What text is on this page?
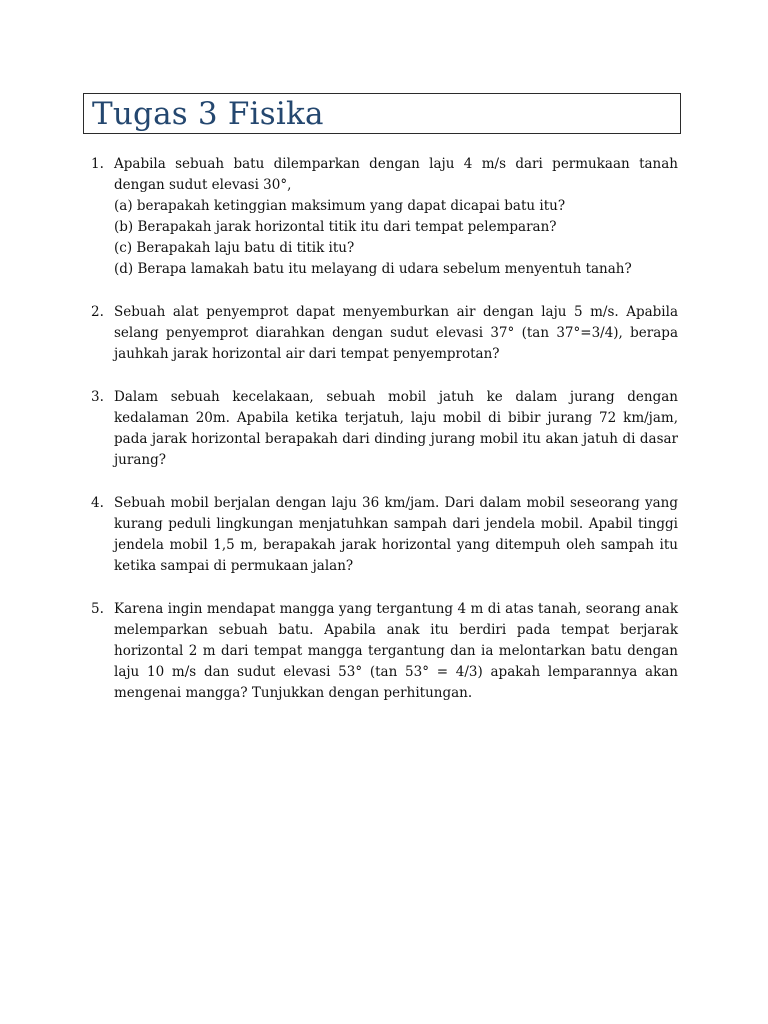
Tugas 3 Fisika
1. Apabila sebuah batu dilemparkan dengan laju 4 m/s dari permukaan tanah dengan sudut elevasi 30°,
(a) berapakah ketinggian maksimum yang dapat dicapai batu itu?
(b) Berapakah jarak horizontal titik itu dari tempat pelemparan?
(c) Berapakah laju batu di titik itu?
(d) Berapa lamakah batu itu melayang di udara sebelum menyentuh tanah?
2. Sebuah alat penyemprot dapat menyemburkan air dengan laju 5 m/s. Apabila selang penyemprot diarahkan dengan sudut elevasi 37° (tan 37°=3/4), berapa jauhkah jarak horizontal air dari tempat penyemprotan?
3. Dalam sebuah kecelakaan, sebuah mobil jatuh ke dalam jurang dengan kedalaman 20m. Apabila ketika terjatuh, laju mobil di bibir jurang 72 km/jam, pada jarak horizontal berapakah dari dinding jurang mobil itu akan jatuh di dasar jurang?
4. Sebuah mobil berjalan dengan laju 36 km/jam. Dari dalam mobil seseorang yang kurang peduli lingkungan menjatuhkan sampah dari jendela mobil. Apabil tinggi jendela mobil 1,5 m, berapakah jarak horizontal yang ditempuh oleh sampah itu ketika sampai di permukaan jalan?
5. Karena ingin mendapat mangga yang tergantung 4 m di atas tanah, seorang anak melemparkan sebuah batu. Apabila anak itu berdiri pada tempat berjarak horizontal 2 m dari tempat mangga tergantung dan ia melontarkan batu dengan laju 10 m/s dan sudut elevasi 53° (tan 53° = 4/3) apakah lemparannya akan mengenai mangga? Tunjukkan dengan perhitungan.
